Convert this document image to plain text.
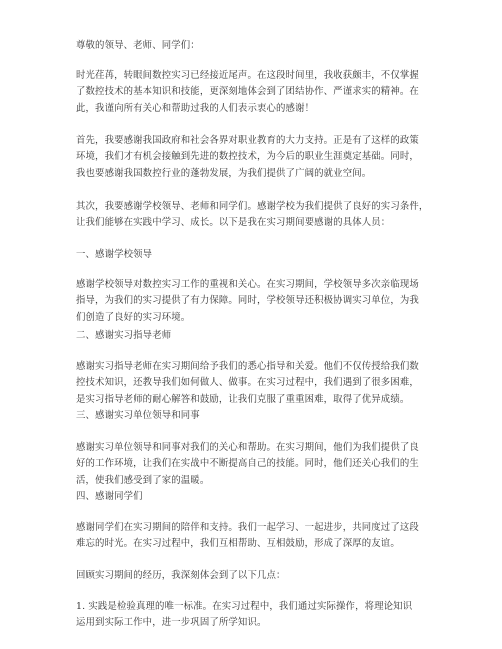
尊敬的领导、老师、同学们：
时光荏苒，转眼间数控实习已经接近尾声。在这段时间里，我收获颇丰，不仅掌握
了数控技术的基本知识和技能，更深刻地体会到了团结协作、严谨求实的精神。在
此，我谨向所有关心和帮助过我的人们表示衷心的感谢！
首先，我要感谢我国政府和社会各界对职业教育的大力支持。正是有了这样的政策
环境，我们才有机会接触到先进的数控技术，为今后的职业生涯奠定基础。同时，
我也要感谢我国数控行业的蓬勃发展，为我们提供了广阔的就业空间。
其次，我要感谢学校领导、老师和同学们。感谢学校为我们提供了良好的实习条件，
让我们能够在实践中学习、成长。以下是我在实习期间要感谢的具体人员：
一、感谢学校领导
感谢学校领导对数控实习工作的重视和关心。在实习期间，学校领导多次亲临现场
指导，为我们的实习提供了有力保障。同时，学校领导还积极协调实习单位，为我
们创造了良好的实习环境。
二、感谢实习指导老师
感谢实习指导老师在实习期间给予我们的悉心指导和关爱。他们不仅传授给我们数
控技术知识，还教导我们如何做人、做事。在实习过程中，我们遇到了很多困难，
是实习指导老师的耐心解答和鼓励，让我们克服了重重困难，取得了优异成绩。
三、感谢实习单位领导和同事
感谢实习单位领导和同事对我们的关心和帮助。在实习期间，他们为我们提供了良
好的工作环境，让我们在实战中不断提高自己的技能。同时，他们还关心我们的生
活，使我们感受到了家的温暖。
四、感谢同学们
感谢同学们在实习期间的陪伴和支持。我们一起学习、一起进步，共同度过了这段
难忘的时光。在实习过程中，我们互相帮助、互相鼓励，形成了深厚的友谊。
回顾实习期间的经历，我深刻体会到了以下几点：
1. 实践是检验真理的唯一标准。在实习过程中，我们通过实际操作，将理论知识
运用到实际工作中，进一步巩固了所学知识。
